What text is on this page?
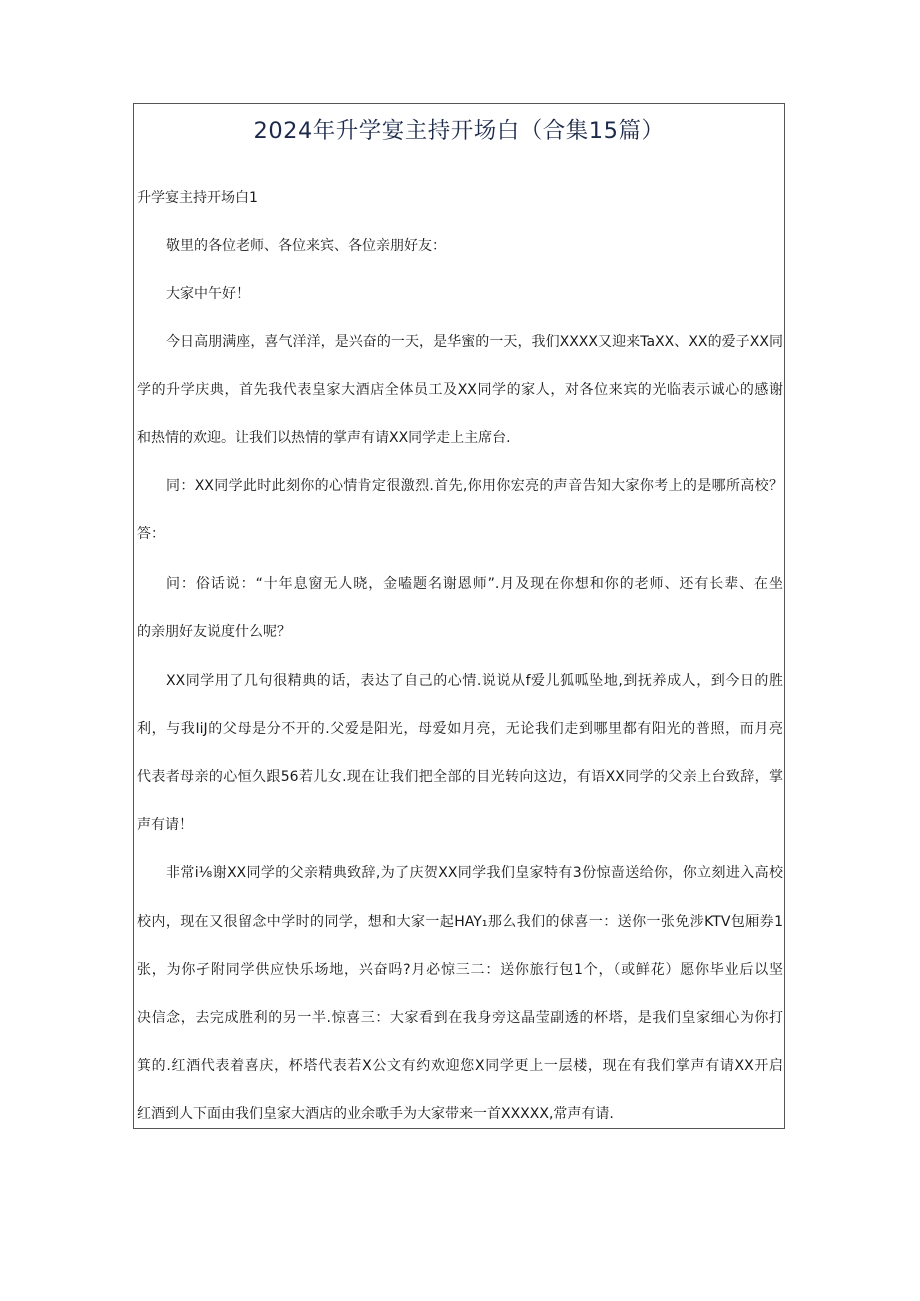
2024年升学宴主持开场白（合集15篇）
升学宴主持开场白1
敬里的各位老师、各位来宾、各位亲朋好友：
大家中午好！
今日高朋满座，喜气洋洋，是兴奋的一天，是华蜜的一天，我们XXXX又迎来TaXX、XX的爱子XX同
学的升学庆典，首先我代表皇家大酒店全体员工及XX同学的家人，对各位来宾的光临表示诚心的感谢
和热情的欢迎。让我们以热情的掌声有请XX同学走上主席台.
同：XX同学此时此刻你的心情肯定很激烈.首先,你用你宏亮的声音告知大家你考上的是哪所高校？
答：
问：俗话说：“十年息窗无人晓，金嗑题名谢恩师”.月及现在你想和你的老师、还有长辈、在坐
的亲朋好友说度什么呢？
XX同学用了几句很精典的话，表达了自己的心情.说说从f爱儿狐呱坠地,到抚养成人，到今日的胜
利，与我IiJ的父母是分不开的.父爱是阳光，母爱如月亮，无论我们走到哪里都有阳光的普照，而月亮
代表者母亲的心恒久跟56若儿女.现在让我们把全部的目光转向这边，有语XX同学的父亲上台致辞，掌
声有请！
非常i⅛谢XX同学的父亲精典致辞,为了庆贺XX同学我们皇家特有3份惊啬送给你，你立刻进入高校
校内，现在又很留念中学时的同学，想和大家一起HAY₁那么我们的俅喜一：送你一张免涉KTV包厢券1
张，为你孑附同学供应快乐场地，兴奋吗?月必惊三二：送你旅行包1个，（或鲜花）愿你毕业后以坚
决信念，去完成胜利的另一半.惊喜三：大家看到在我身旁这晶莹副透的杯塔，是我们皇家细心为你打
箕的.红酒代表着喜庆，杯塔代表若X公文有约欢迎您X同学更上一层楼，现在有我们掌声有请XX开启
红酒到人下面由我们皇家大酒店的业余歌手为大家带来一首XXXXX,常声有请.
